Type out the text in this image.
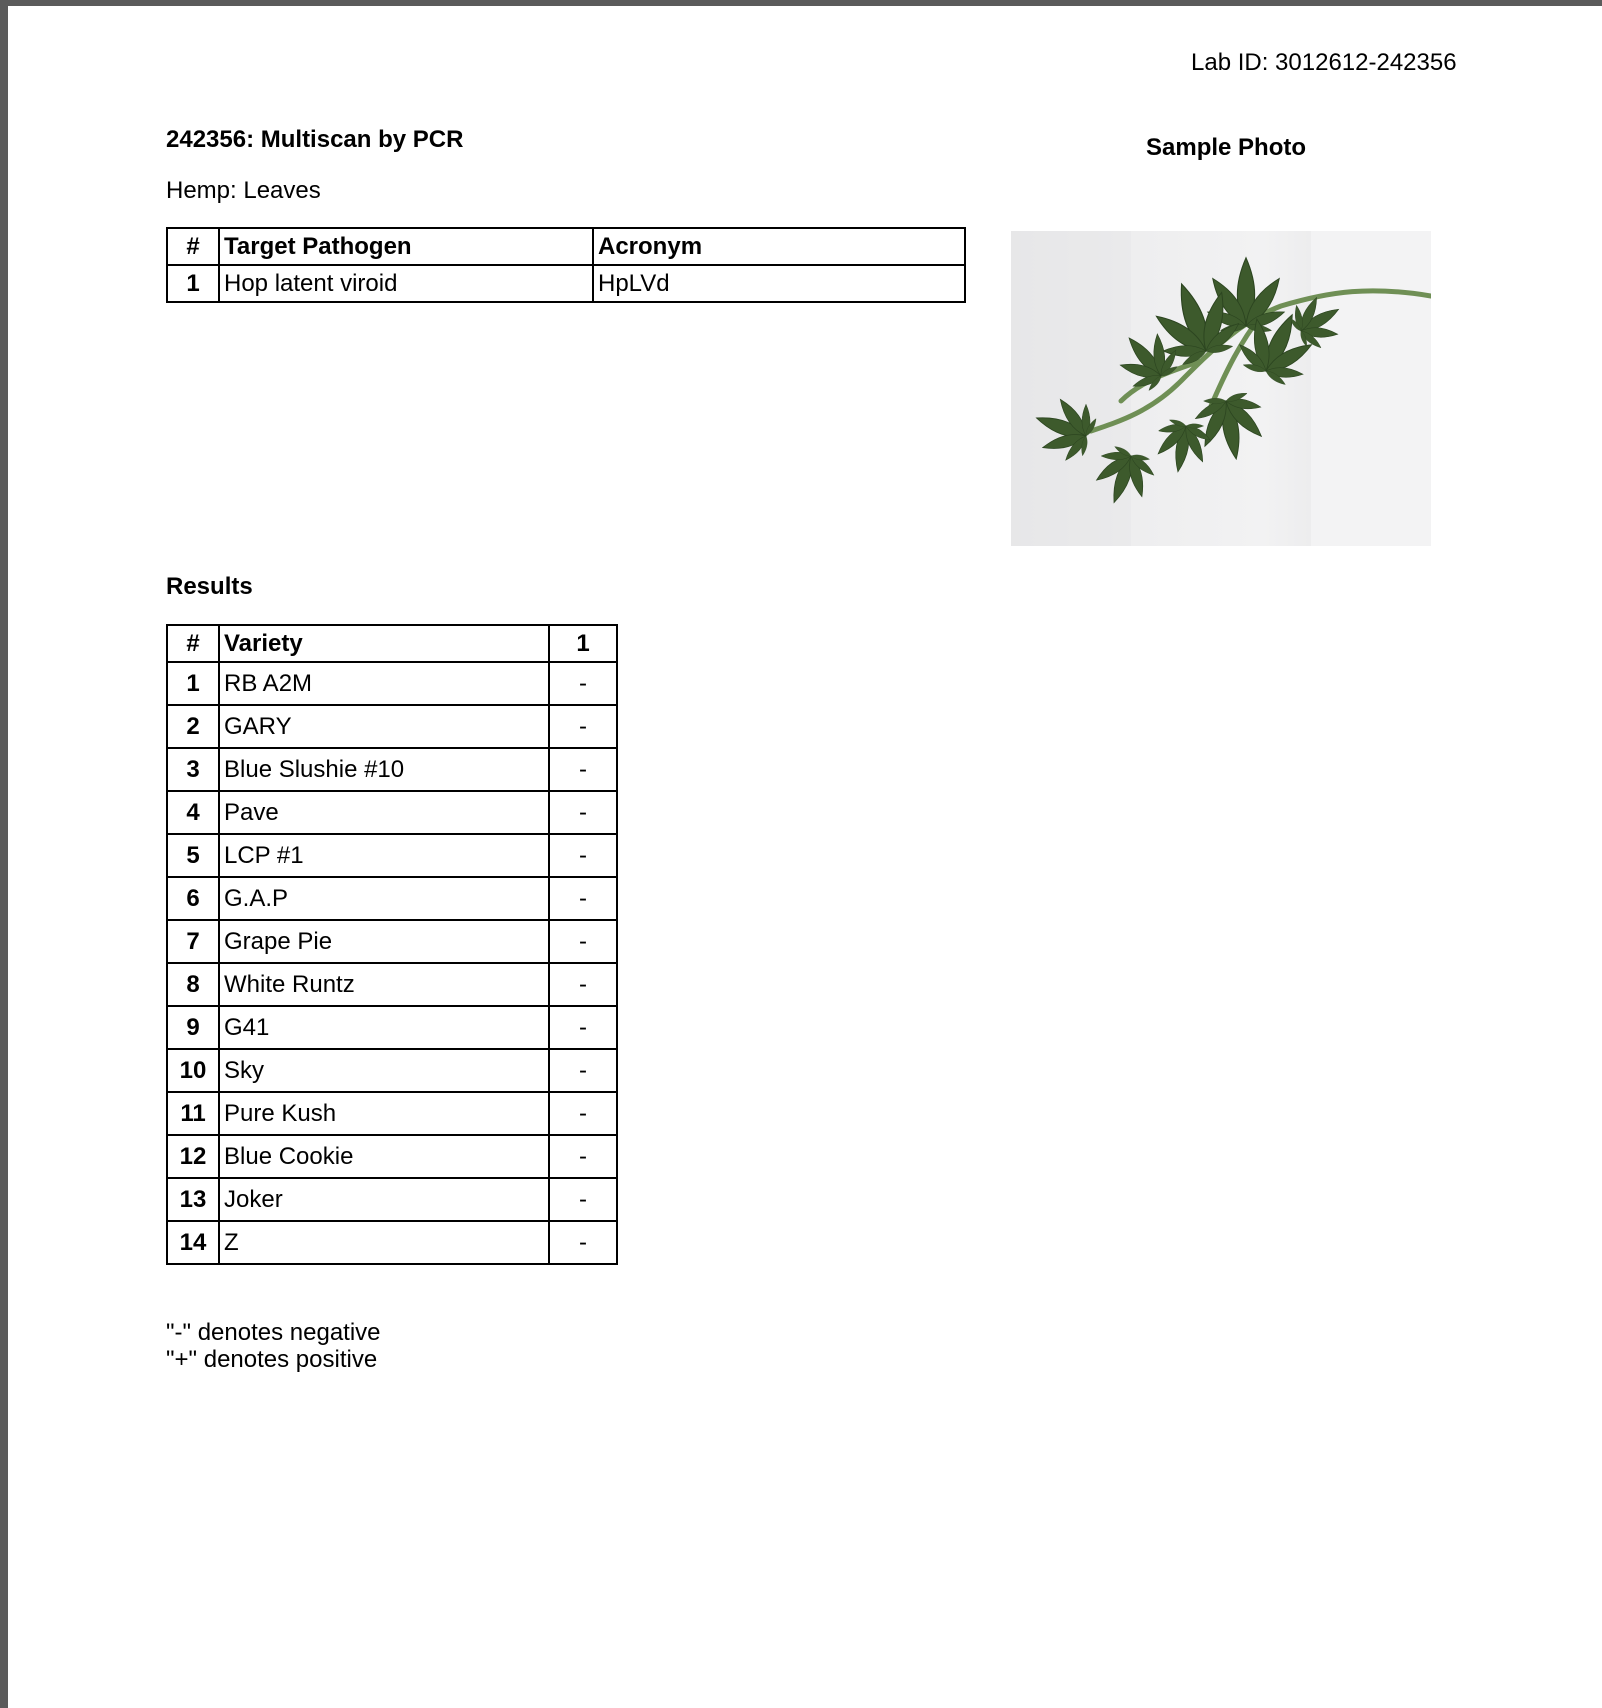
Lab ID: 3012612-242356
242356: Multiscan by PCR
Hemp: Leaves
#	Target Pathogen	Acronym
1	Hop latent viroid	HpLVd
Sample Photo
Results
#	Variety	1
1	RB A2M	-
2	GARY	-
3	Blue Slushie #10	-
4	Pave	-
5	LCP #1	-
6	G.A.P	-
7	Grape Pie	-
8	White Runtz	-
9	G41	-
10	Sky	-
11	Pure Kush	-
12	Blue Cookie	-
13	Joker	-
14	Z	-
"-" denotes negative
"+" denotes positive
